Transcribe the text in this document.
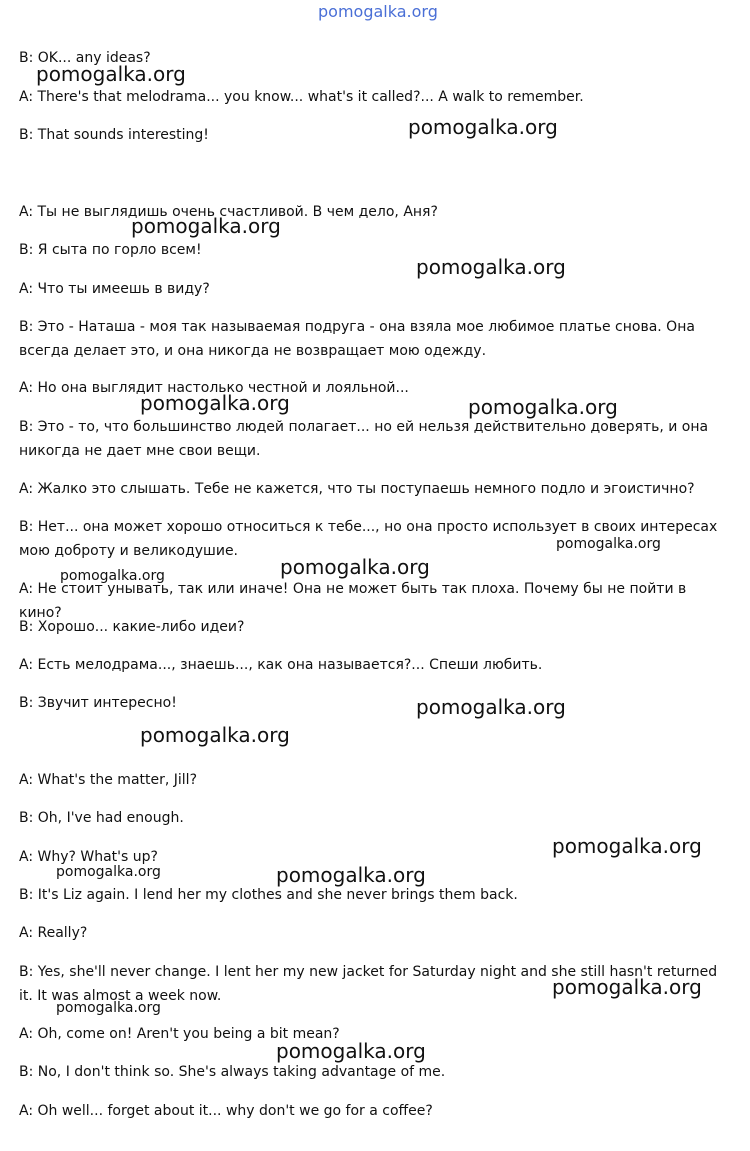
pomogalka.org
B: OK... any ideas?
A: There's that melodrama... you know... what's it called?... A walk to remember.
B: That sounds interesting!
A: Ты не выглядишь очень счастливой. В чем дело, Аня?
B: Я сыта по горло всем!
A: Что ты имеешь в виду?
B: Это - Наташа - моя так называемая подруга - она взяла мое любимое платье снова. Она всегда делает это, и она никогда не возвращает мою одежду.
A: Но она выглядит настолько честной и лояльной...
B: Это - то, что большинство людей полагает... но ей нельзя действительно доверять, и она никогда не дает мне свои вещи.
A: Жалко это слышать. Тебе не кажется, что ты поступаешь немного подло и эгоистично?
B: Нет... она может хорошо относиться к тебе..., но она просто использует в своих интересах мою доброту и великодушие.
A: Не стоит унывать, так или иначе! Она не может быть так плоха. Почему бы не пойти в кино?
B: Хорошо... какие-либо идеи?
A: Есть мелодрама..., знаешь..., как она называется?... Спеши любить.
B: Звучит интересно!
A: What's the matter, Jill?
B: Oh, I've had enough.
A: Why? What's up?
B: It's Liz again. I lend her my clothes and she never brings them back.
A: Really?
B: Yes, she'll never change. I lent her my new jacket for Saturday night and she still hasn't returned it. It was almost a week now.
A: Oh, come on! Aren't you being a bit mean?
B: No, I don't think so. She's always taking advantage of me.
A: Oh well... forget about it... why don't we go for a coffee?
pomogalka.org
pomogalka.org
pomogalka.org
pomogalka.org
pomogalka.org	pomogalka.org
pomogalka.org
pomogalka.org
pomogalka.org
pomogalka.org
pomogalka.org
pomogalka.org
pomogalka.org	pomogalka.org
pomogalka.org
pomogalka.org
pomogalka.org
